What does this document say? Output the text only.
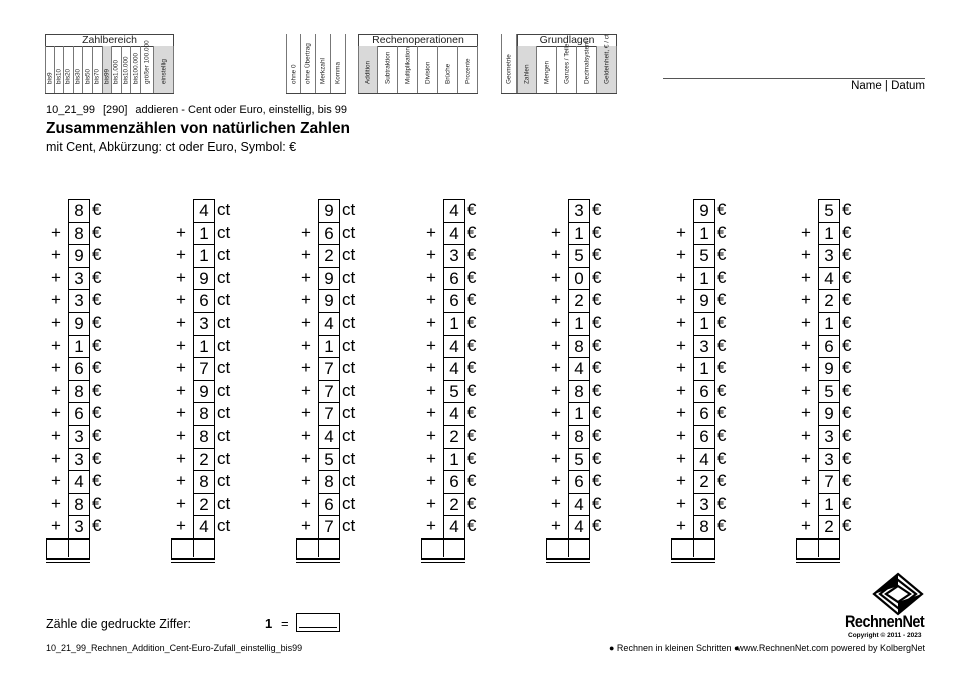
Zahlbereich
bis
9
bis
10
bis
20
bis
30
bis
50
bis
70
bis
99
bis
1.000
bis
10.000
bis
100.000 größer 100.000 einstellig	ohne 0 ohne Übertrag Merkzahl Komma
Rechenoperationen
Addition Subtraktion Multiplikation Division Brüche Prozente	Geometrie
Grundlagen
Zahlen Mengen Ganzes / Teile Dezimalsystem Geldeinheit, € / ct
Name | Datum
10_21_99 [290] addieren - Cent oder Euro, einstellig, bis 99
Zusammenzählen von natürlichen Zahlen
mit Cent, Abkürzung: ct oder Euro, Symbol: €
8 €
+ 8 €
+ 9 €
+ 3 €
+ 3 €
+ 9 €
+ 1 €
+ 6 €
+ 8 €
+ 6 €
+ 3 €
+ 3 €
+ 4 €
+ 8 €
+ 3 €
4 ct
+ 1 ct
+ 1 ct
+ 9 ct
+ 6 ct
+ 3 ct
+ 1 ct
+ 7 ct
+ 9 ct
+ 8 ct
+ 8 ct
+ 2 ct
+ 8 ct
+ 2 ct
+ 4 ct
9 ct
+ 6 ct
+ 2 ct
+ 9 ct
+ 9 ct
+ 4 ct
+ 1 ct
+ 7 ct
+ 7 ct
+ 7 ct
+ 4 ct
+ 5 ct
+ 8 ct
+ 6 ct
+ 7 ct
4 €
+ 4 €
+ 3 €
+ 6 €
+ 6 €
+ 1 €
+ 4 €
+ 4 €
+ 5 €
+ 4 €
+ 2 €
+ 1 €
+ 6 €
+ 2 €
+ 4 €
3 €
+ 1 €
+ 5 €
+ 0 €
+ 2 €
+ 1 €
+ 8 €
+ 4 €
+ 8 €
+ 1 €
+ 8 €
+ 5 €
+ 6 €
+ 4 €
+ 4 €
9 €
+ 1 €
+ 5 €
+ 1 €
+ 9 €
+ 1 €
+ 3 €
+ 1 €
+ 6 €
+ 6 €
+ 6 €
+ 4 €
+ 2 €
+ 3 €
+ 8 €
5 €
+ 1 €
+ 3 €
+ 4 €
+ 2 €
+ 1 €
+ 6 €
+ 9 €
+ 5 €
+ 9 €
+ 3 €
+ 3 €
+ 7 €
+ 1 €
+ 2 €
Zähle die gedruckte Ziffer:	1 =
10_21_99_Rechnen_Addition_Cent-Euro-Zufall_einstellig_bis99	● Rechnen in kleinen Schritten ●
www.RechnenNet.com powered by KolbergNet
RechnenNet
Copyright © 2011 - 2023
